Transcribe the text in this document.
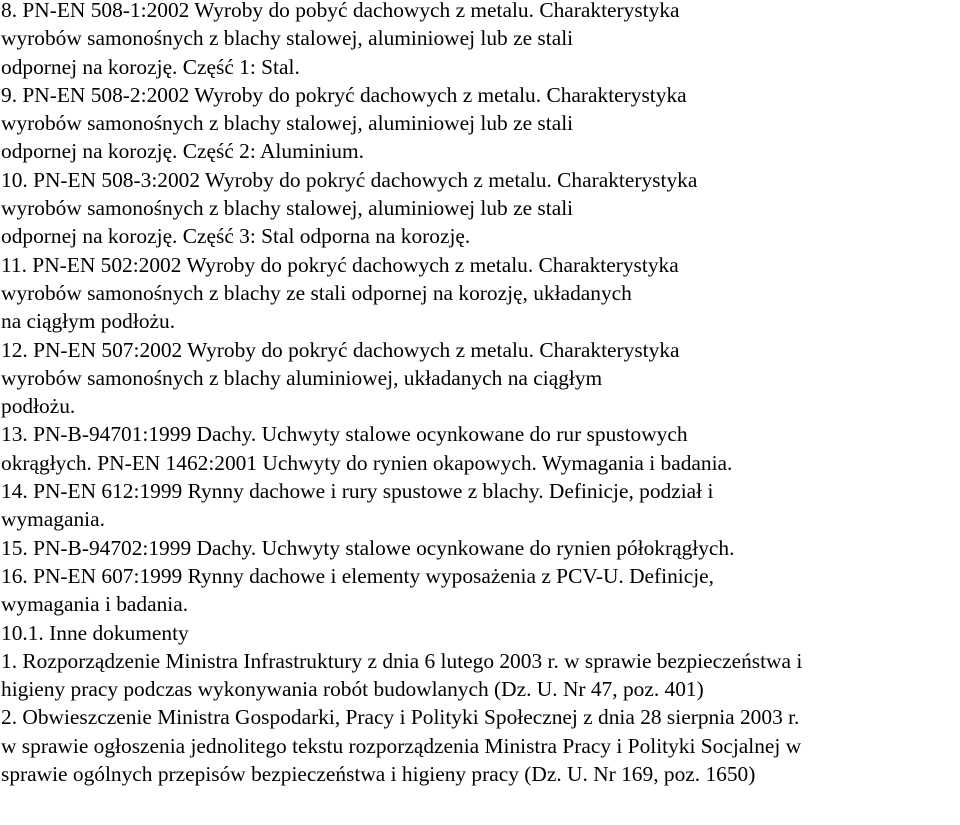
8. PN-EN 508-1:2002 Wyroby do pobyć dachowych z metalu. Charakterystyka

wyrobów samonośnych z blachy stalowej, aluminiowej lub ze stali

odpornej na korozję. Część 1: Stal.

9. PN-EN 508-2:2002 Wyroby do pokryć dachowych z metalu. Charakterystyka

wyrobów samonośnych z blachy stalowej, aluminiowej lub ze stali

odpornej na korozję. Część 2: Aluminium.

10. PN-EN 508-3:2002 Wyroby do pokryć dachowych z metalu. Charakterystyka

wyrobów samonośnych z blachy stalowej, aluminiowej lub ze stali

odpornej na korozję. Część 3: Stal odporna na korozję.

11. PN-EN 502:2002 Wyroby do pokryć dachowych z metalu. Charakterystyka

wyrobów samonośnych z blachy ze stali odpornej na korozję, układanych

na ciągłym podłożu.

12. PN-EN 507:2002 Wyroby do pokryć dachowych z metalu. Charakterystyka

wyrobów samonośnych z blachy aluminiowej, układanych na ciągłym

podłożu.

13. PN-B-94701:1999 Dachy. Uchwyty stalowe ocynkowane do rur spustowych

okrągłych. PN-EN 1462:2001 Uchwyty do rynien okapowych. Wymagania i badania.

14. PN-EN 612:1999 Rynny dachowe i rury spustowe z blachy. Definicje, podział i

wymagania.

15. PN-B-94702:1999 Dachy. Uchwyty stalowe ocynkowane do rynien półokrągłych.

16. PN-EN 607:1999 Rynny dachowe i elementy wyposażenia z PCV-U. Definicje,

wymagania i badania.

10.1. Inne dokumenty

1. Rozporządzenie Ministra Infrastruktury z dnia 6 lutego 2003 r. w sprawie bezpieczeństwa i

higieny pracy podczas wykonywania robót budowlanych (Dz. U. Nr 47, poz. 401)

2. Obwieszczenie Ministra Gospodarki, Pracy i Polityki Społecznej z dnia 28 sierpnia 2003 r.

w sprawie ogłoszenia jednolitego tekstu rozporządzenia Ministra Pracy i Polityki Socjalnej w

sprawie ogólnych przepisów bezpieczeństwa i higieny pracy (Dz. U. Nr 169, poz. 1650)
